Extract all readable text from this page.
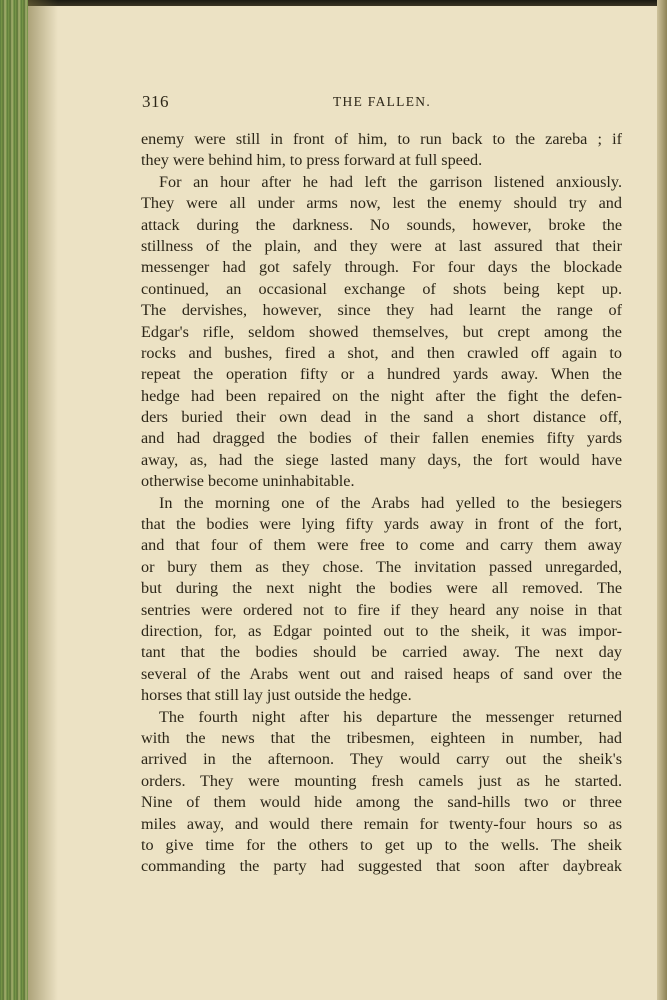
316	THE FALLEN.
enemy were still in front of him, to run back to the zareba ; if
they were behind him, to press forward at full speed.
For an hour after he had left the garrison listened anxiously.
They were all under arms now, lest the enemy should try and
attack during the darkness. No sounds, however, broke the
stillness of the plain, and they were at last assured that their
messenger had got safely through. For four days the blockade
continued, an occasional exchange of shots being kept up.
The dervishes, however, since they had learnt the range of
Edgar's rifle, seldom showed themselves, but crept among the
rocks and bushes, fired a shot, and then crawled off again to
repeat the operation fifty or a hundred yards away. When the
hedge had been repaired on the night after the fight the defen-
ders buried their own dead in the sand a short distance off,
and had dragged the bodies of their fallen enemies fifty yards
away, as, had the siege lasted many days, the fort would have
otherwise become uninhabitable.
In the morning one of the Arabs had yelled to the besiegers
that the bodies were lying fifty yards away in front of the fort,
and that four of them were free to come and carry them away
or bury them as they chose. The invitation passed unregarded,
but during the next night the bodies were all removed. The
sentries were ordered not to fire if they heard any noise in that
direction, for, as Edgar pointed out to the sheik, it was impor-
tant that the bodies should be carried away. The next day
several of the Arabs went out and raised heaps of sand over the
horses that still lay just outside the hedge.
The fourth night after his departure the messenger returned
with the news that the tribesmen, eighteen in number, had
arrived in the afternoon. They would carry out the sheik's
orders. They were mounting fresh camels just as he started.
Nine of them would hide among the sand-hills two or three
miles away, and would there remain for twenty-four hours so as
to give time for the others to get up to the wells. The sheik
commanding the party had suggested that soon after daybreak
